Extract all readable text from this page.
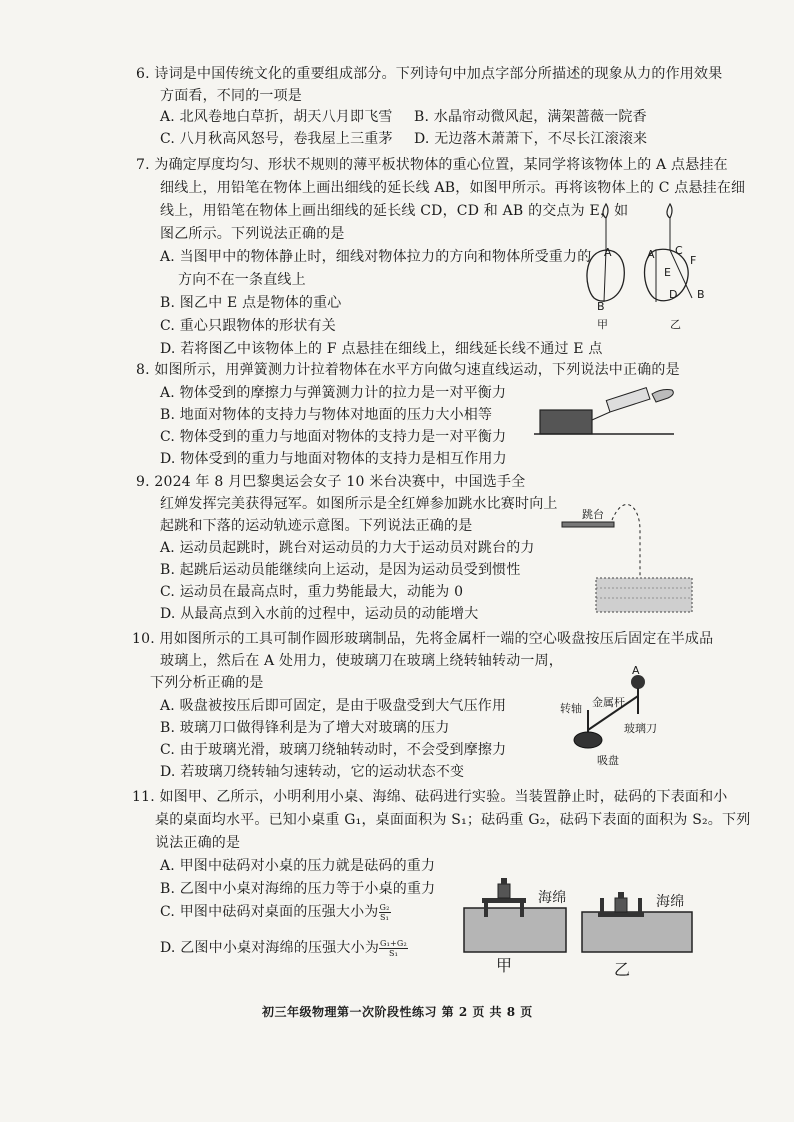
6. 诗词是中国传统文化的重要组成部分。下列诗句中加点字部分所描述的现象从力的作用效果
方面看，不同的一项是
A. 北风卷地白草折，胡天八月即飞雪 B. 水晶帘动微风起，满架蔷薇一院香
C. 八月秋高风怒号，卷我屋上三重茅 D. 无边落木萧萧下，不尽长江滚滚来
7. 为确定厚度均匀、形状不规则的薄平板状物体的重心位置，某同学将该物体上的 A 点悬挂在
细线上，用铅笔在物体上画出细线的延长线 AB，如图甲所示。再将该物体上的 C 点悬挂在细
线上，用铅笔在物体上画出细线的延长线 CD，CD 和 AB 的交点为 E，如
图乙所示。下列说法正确的是
A. 当图甲中的物体静止时，细线对物体拉力的方向和物体所受重力的
方向不在一条直线上
B. 图乙中 E 点是物体的重心
C. 重心只跟物体的形状有关
D. 若将图乙中该物体上的 F 点悬挂在细线上，细线延长线不通过 E 点
A
B
A C
F
E
D B
甲	乙
8. 如图所示，用弹簧测力计拉着物体在水平方向做匀速直线运动，下列说法中正确的是
A. 物体受到的摩擦力与弹簧测力计的拉力是一对平衡力
B. 地面对物体的支持力与物体对地面的压力大小相等
C. 物体受到的重力与地面对物体的支持力是一对平衡力
D. 物体受到的重力与地面对物体的支持力是相互作用力
9. 2024 年 8 月巴黎奥运会女子 10 米台决赛中，中国选手全
红婵发挥完美获得冠军。如图所示是全红婵参加跳水比赛时向上
起跳和下落的运动轨迹示意图。下列说法正确的是
A. 运动员起跳时，跳台对运动员的力大于运动员对跳台的力
B. 起跳后运动员能继续向上运动，是因为运动员受到惯性
C. 运动员在最高点时，重力势能最大，动能为 0
D. 从最高点到入水前的过程中，运动员的动能增大
跳台
10. 用如图所示的工具可制作圆形玻璃制品，先将金属杆一端的空心吸盘按压后固定在半成品
玻璃上，然后在 A 处用力，使玻璃刀在玻璃上绕转轴转动一周，
下列分析正确的是
A. 吸盘被按压后即可固定，是由于吸盘受到大气压作用
B. 玻璃刀口做得锋利是为了增大对玻璃的压力
C. 由于玻璃光滑，玻璃刀绕轴转动时，不会受到摩擦力
D. 若玻璃刀绕转轴匀速转动，它的运动状态不变
A
转轴 金属杆
玻璃刀
吸盘
11. 如图甲、乙所示，小明利用小桌、海绵、砝码进行实验。当装置静止时，砝码的下表面和小
桌的桌面均水平。已知小桌重 G₁，桌面面积为 S₁；砝码重 G₂，砝码下表面的面积为 S₂。下列
说法正确的是
A. 甲图中砝码对小桌的压力就是砝码的重力
B. 乙图中小桌对海绵的压力等于小桌的重力
C. 甲图中砝码对桌面的压强大小为 $\frac{\text{G₂}}{\text{S₁}}$
D. 乙图中小桌对海绵的压强大小为 $\frac{\text{G₁+G₂}}{\text{S₁}}$
海绵	海绵
甲	乙
初三年级物理第一次阶段性练习 第 2 页 共 8 页
